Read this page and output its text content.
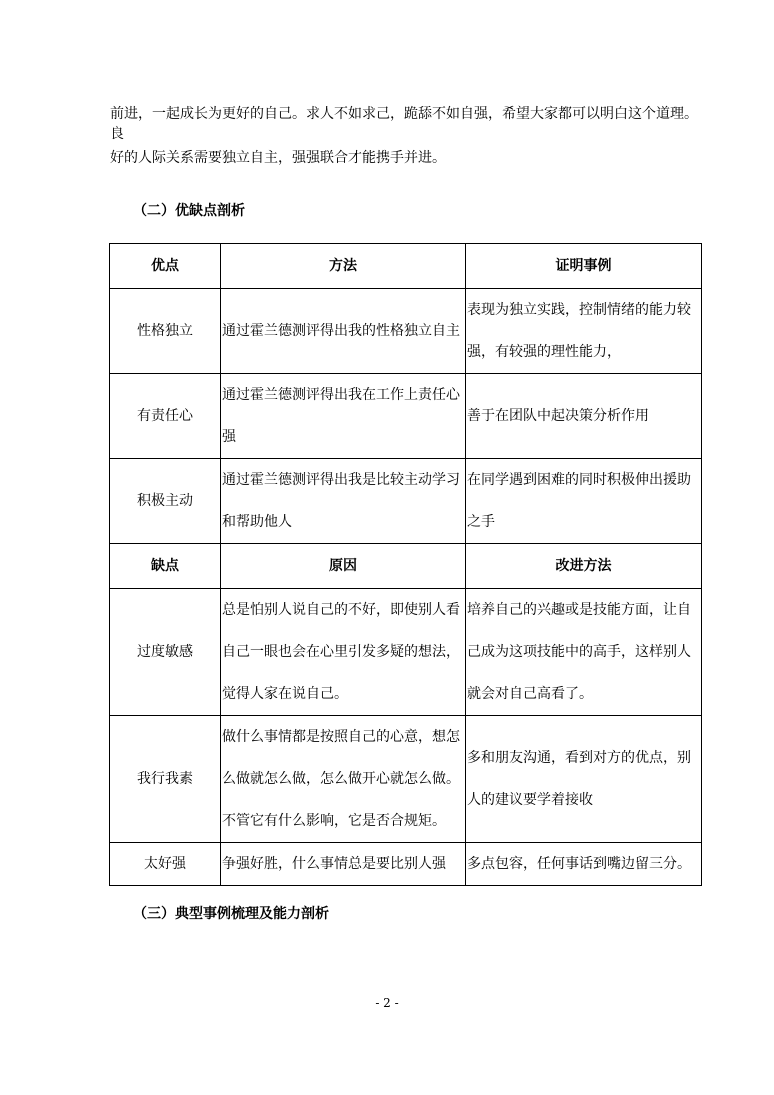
前进，一起成长为更好的自己。求人不如求己，跪舔不如自强，希望大家都可以明白这个道理。良

好的人际关系需要独立自主，强强联合才能携手并进。

（二）优缺点剖析

优点	方法	证明事例
性格独立	通过霍兰德测评得出我的性格独立自主	表现为独立实践，控制情绪的能力较强，有较强的理性能力，
有责任心	通过霍兰德测评得出我在工作上责任心强	善于在团队中起决策分析作用
积极主动	通过霍兰德测评得出我是比较主动学习和帮助他人	在同学遇到困难的同时积极伸出援助之手
缺点	原因	改进方法
过度敏感	总是怕别人说自己的不好，即使别人看自己一眼也会在心里引发多疑的想法，觉得人家在说自己。	培养自己的兴趣或是技能方面，让自己成为这项技能中的高手，这样别人就会对自己高看了。
我行我素	做什么事情都是按照自己的心意，想怎么做就怎么做，怎么做开心就怎么做。不管它有什么影响，它是否合规矩。	多和朋友沟通，看到对方的优点，别人的建议要学着接收
太好强	争强好胜，什么事情总是要比别人强	多点包容，任何事话到嘴边留三分。

（三）典型事例梳理及能力剖析

- 2 -
